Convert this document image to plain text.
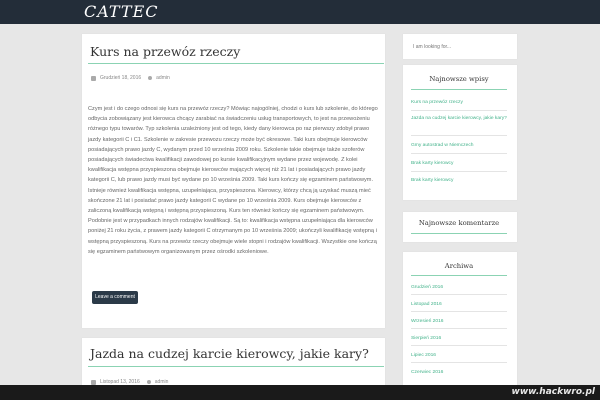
CATTEC
Kurs na przewóz rzeczy
Grudzień 18, 2016	admin

Czym jest i do czego odnosi się kurs na przewóz rzeczy? Mówiąc najogólniej, chodzi o kurs lub szkolenie, do którego odbycia zobowiązany jest kierowca chcący zarabiać na świadczeniu usług transportowych, to jest na przewożeniu różnego typu towarów. Typ szkolenia uzależniony jest od tego, kiedy dany kierowca po raz pierwszy zdobył prawo jazdy kategorii C i C1. Szkolenie w zakresie przewozu rzeczy może być okresowe. Taki kurs obejmuje kierowców posiadających prawo jazdy C, wydanym przed 10 września 2009 roku. Szkolenie takie obejmuje także szoferów posiadających świadectwa kwalifikacji zawodowej po kursie kwalifikacyjnym wydane przez wojewodę. Z kolei kwalifikacja wstępna przyspieszona obejmuje kierowców mających więcej niż 21 lat i posiadających prawo jazdy kategorii C, lub prawo jazdy musi być wydane po 10 września 2009. Taki kurs kończy się egzaminem państwowym. Istnieje również kwalifikacja wstępna, uzupełniająca, przyspieszona. Kierowcy, którzy chcą ją uzyskać muszą mieć skończone 21 lat i posiadać prawo jazdy kategorii C wydane po 10 września 2009. Kurs obejmuje kierowców z zaliczoną kwalifikacją wstępną i wstępną przyspieszoną. Kurs ten również kończy się egzaminem państwowym. Podobnie jest w przypadkach innych rodzajów kwalifikacji. Są to: kwalifikacja wstępna uzupełniająca dla kierowców poniżej 21 roku życia, z prawem jazdy kategorii C otrzymanym po 10 września 2009; ukończyli kwalifikację wstępną i wstępną przyspieszoną. Kurs na przewóz rzeczy obejmuje wiele stopni i rodzajów kwalifikacji. Wszystkie one kończą się egzaminem państwowym organizowanym przez ośrodki szkoleniowe.

Leave a comment
Jazda na cudzej karcie kierowcy, jakie kary?
Listopad 13, 2016	admin
I am looking for...
Najnowsze wpisy
Kurs na przewóz rzeczy
Jazda na cudzej karcie kierowcy, jakie kary?
Gmy autostrad w Niemczech
Brak karty kierowcy
Brak karty kierowcy
Najnowsze komentarze
Archiwa
Grudzień 2016
Listopad 2016
Wrzesień 2016
Sierpień 2016
Lipiec 2016
Czerwiec 2016
www.hackwro.pl
